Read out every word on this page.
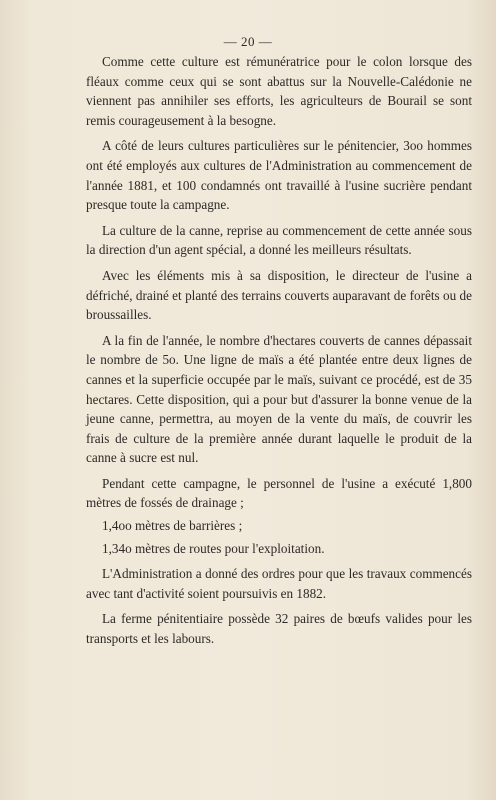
— 20 —

Comme cette culture est rémunératrice pour le colon lorsque des fléaux comme ceux qui se sont abattus sur la Nouvelle-Calédonie ne viennent pas annihiler ses efforts, les agriculteurs de Bourail se sont remis courageusement à la besogne.

A côté de leurs cultures particulières sur le pénitencier, 3oo hommes ont été employés aux cultures de l'Administration au commencement de l'année 1881, et 100 condamnés ont travaillé à l'usine sucrière pendant presque toute la campagne.

La culture de la canne, reprise au commencement de cette année sous la direction d'un agent spécial, a donné les meilleurs résultats.

Avec les éléments mis à sa disposition, le directeur de l'usine a défriché, drainé et planté des terrains couverts auparavant de forêts ou de broussailles.

A la fin de l'année, le nombre d'hectares couverts de cannes dépassait le nombre de 5o. Une ligne de maïs a été plantée entre deux lignes de cannes et la superficie occupée par le maïs, suivant ce procédé, est de 35 hectares. Cette disposition, qui a pour but d'assurer la bonne venue de la jeune canne, permettra, au moyen de la vente du maïs, de couvrir les frais de culture de la première année durant laquelle le produit de la canne à sucre est nul.

Pendant cette campagne, le personnel de l'usine a exécuté 1,800 mètres de fossés de drainage ;

1,4oo mètres de barrières ;

1,34o mètres de routes pour l'exploitation.

L'Administration a donné des ordres pour que les travaux commencés avec tant d'activité soient poursuivis en 1882.

La ferme pénitentiaire possède 32 paires de bœufs valides pour les transports et les labours.
